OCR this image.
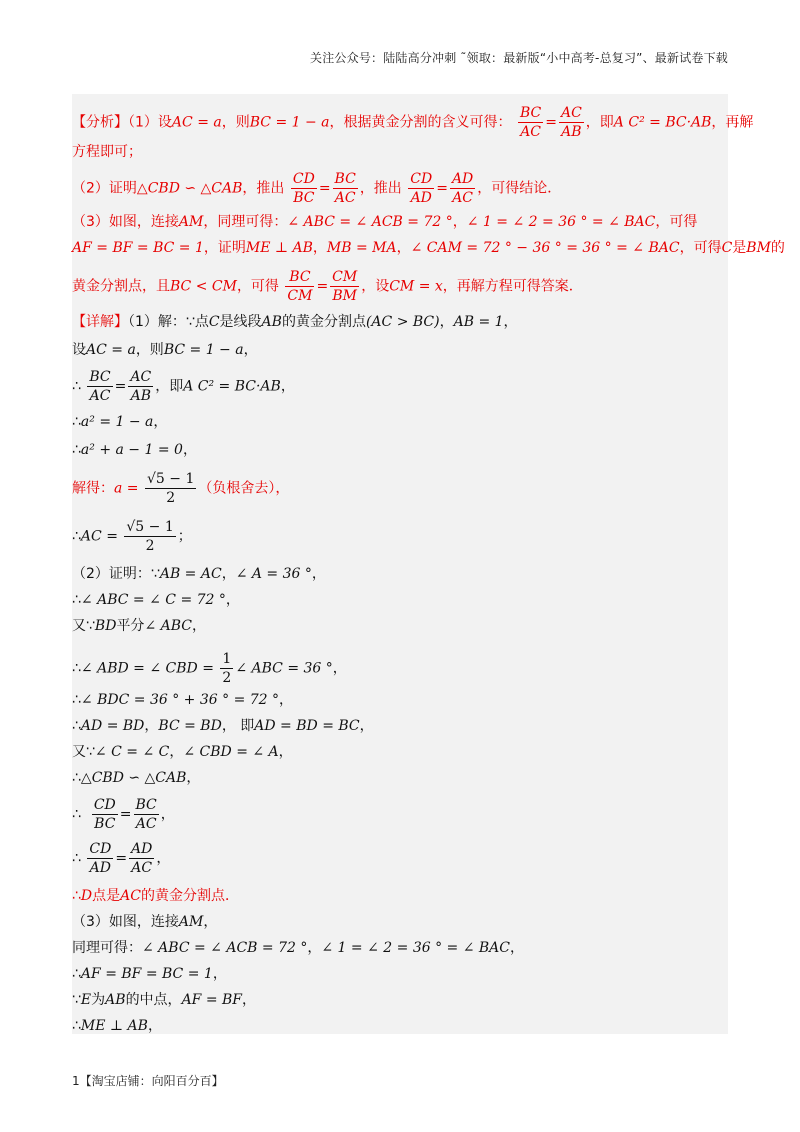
关注公众号：陆陆高分冲刺 ˜领取：最新版“小中高考-总复习”、最新试卷下载
【分析】（1）设AC = a，则BC = 1 − a，根据黄金分割的含义可得： $\frac{BC}{AC} = \frac{AC}{AB}$ ，即A C² = BC·AB，再解
方程即可；
（2）证明△CBD ∽ △CAB，推出 $\frac{CD}{BC} = \frac{BC}{AC}$ ，推出 $\frac{CD}{AD} = \frac{AD}{AC}$ ，可得结论．
（3）如图，连接AM，同理可得：∠ ABC = ∠ ACB = 72 °，∠ 1 = ∠ 2 = 36 ° = ∠ BAC，可得
AF = BF = BC = 1，证明ME ⊥ AB，MB = MA，∠ CAM = 72 ° − 36 ° = 36 ° = ∠ BAC，可得C是BM的
黄金分割点，且BC < CM，可得 $\frac{BC}{CM} = \frac{CM}{BM}$ ，设CM = x，再解方程可得答案．
【详解】（1）解：∵点C是线段AB的黄金分割点(AC > BC)，AB = 1，
设AC = a，则BC = 1 − a，
∴ $\frac{BC}{AC} = \frac{AC}{AB}$ ，即A C² = BC·AB，
∴a² = 1 − a，
∴a² + a − 1 = 0，
解得：$a = \frac{√5 - 1}{2}$ （负根舍去），
∴AC = $\frac{√5 - 1}{2}$ ；
（2）证明：∵AB = AC，∠ A = 36 °，
∴∠ ABC = ∠ C = 72 °，
又∵BD平分∠ ABC，
∴∠ ABD = ∠ CBD = $\frac{1}{2}$ ∠ ABC = 36 °，
∴∠ BDC = 36 ° + 36 ° = 72 °，
∴AD = BD，BC = BD， 即AD = BD = BC，
又∵∠ C = ∠ C，∠ CBD = ∠ A，
∴△CBD ∽ △CAB，
∴ $\frac{CD}{BC} = \frac{BC}{AC}$ ，
∴ $\frac{CD}{AD} = \frac{AD}{AC}$ ，
∴D点是AC的黄金分割点．
（3）如图，连接AM，
同理可得：∠ ABC = ∠ ACB = 72 °，∠ 1 = ∠ 2 = 36 ° = ∠ BAC，
∴AF = BF = BC = 1，
∵E为AB的中点，AF = BF，
∴ME ⊥ AB，
1【淘宝店铺：向阳百分百】
